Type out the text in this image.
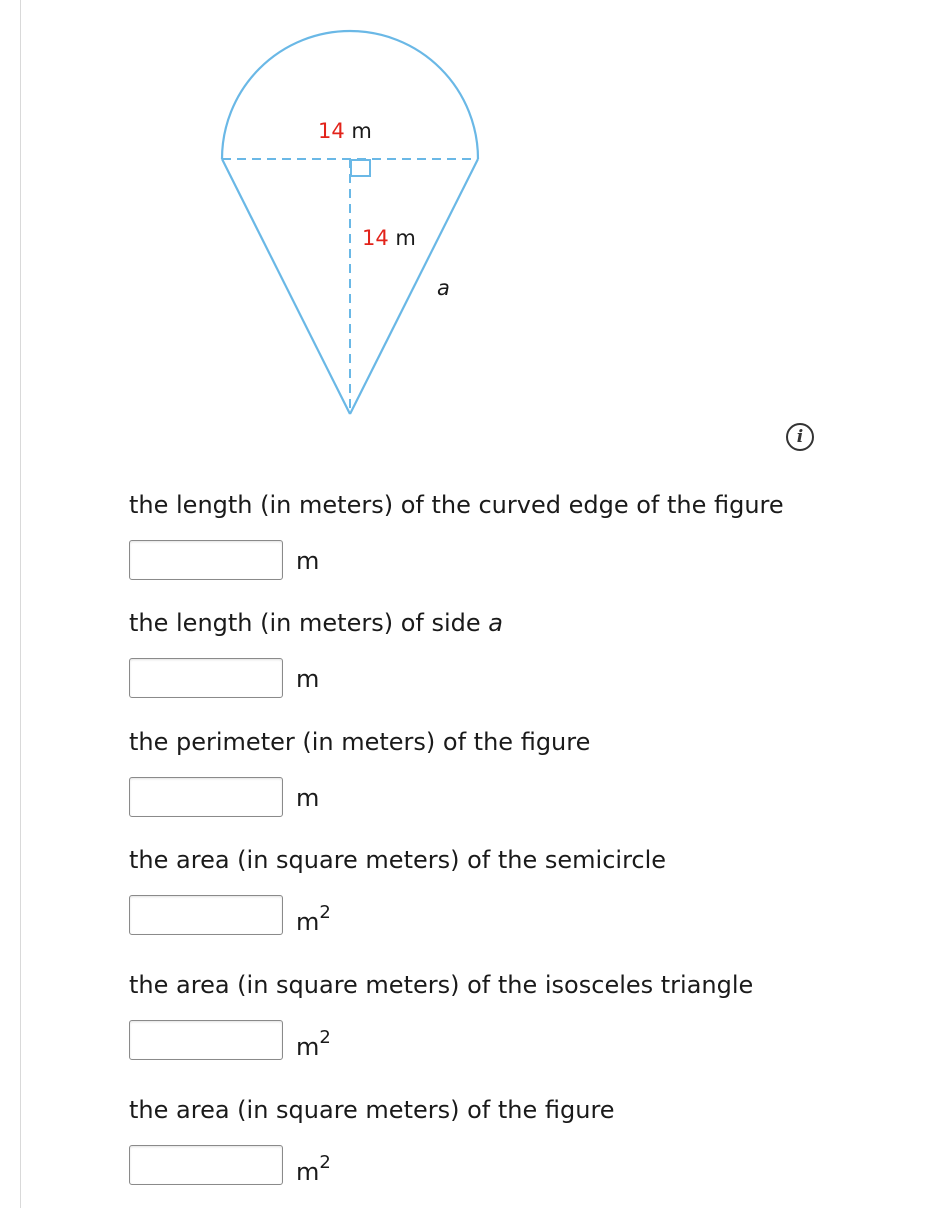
14 m
14 m
a
i

the length (in meters) of the curved edge of the figure

m

the length (in meters) of side a

m

the perimeter (in meters) of the figure

m

the area (in square meters) of the semicircle

$m^2$

the area (in square meters) of the isosceles triangle

$m^2$

the area (in square meters) of the figure

$m^2$
